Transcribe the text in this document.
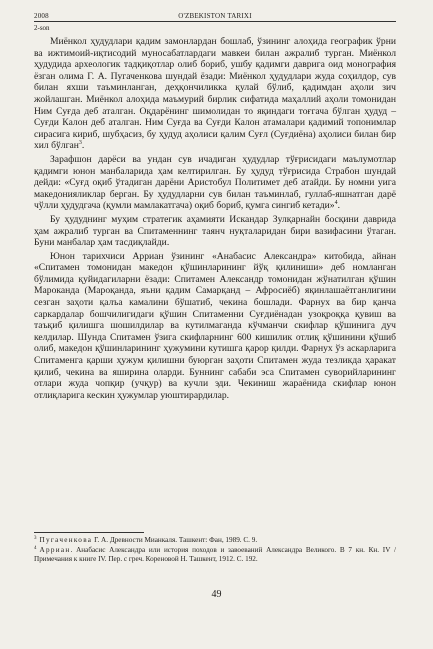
2008	O'ZBEKISTON TARIXI
2-son

Миёнкол ҳудудлари қадим замонлардан бошлаб, ўзининг алоҳида географик ўрни ва ижтимоий-иқтисодий муносабатлардаги мавкеи билан ажралиб турган. Миёнкол ҳудудида археологик тадқиқотлар олиб бориб, ушбу қадимги даврига оид монография ёзган олима Г. А. Пугаченкова шундай ёзади: Миёнкол ҳудудлари жуда соҳилдор, сув билан яхши таъминланган, деҳқончиликка қулай бўлиб, қадимдан аҳоли зич жойлашган. Миёнкол алоҳида маъмурий бирлик сифатида маҳаллий аҳоли томонидан Ним Суғда деб аталган. Оқдарёнинг шимолидан то яқиндаги тоғгача бўлган ҳудуд – Суғди Калон деб аталган. Ним Суғда ва Суғди Калон атамалари қадимий топонимлар сирасига кириб, шубҳасиз, бу ҳудуд аҳолиси қалим Суғл (Суғдиёна) аҳолиси билан бир хил бўлган$^3$.

Зарафшон дарёси ва ундан сув ичадиган ҳудудлар тўғрисидаги маълумотлар қадимги юнон манбаларида ҳам келтирилган. Бу ҳудуд тўғрисида Страбон шундай дейди: «Суғд оқиб ўтадиган дарёни Аристобул Политимет деб атайди. Бу номни уига македонияликлар берган. Бу ҳудудларни сув билан таъминлаб, гуллаб-яшнатган дарё чўлли ҳудудгача (қумли мамлакатгача) оқиб бориб, қумга сингиб кетади»$^4$.

Бу ҳудуднинг муҳим стратегик аҳамияти Искандар Зулқарнайн босқини даврида ҳам ажралиб турган ва Спитаменнинг таянч нуқталаридан бири вазифасини ўтаган. Буни манбалар ҳам тасдиқлайди.

Юнон тарихчиси Арриан ўзининг «Анабасис Александра» китобида, айнан «Спитамен томонидан македон қўшинларининг йўқ қилиниши» деб номланган бўлимида қуйидагиларни ёзади: Спитамен Александр томонидан жўнатилган қўшин Мароканда (Мароқанда, яъни қадим Самарқанд – Афросиёб) яқинлашаётганлигини сезган заҳоти қалъа камалини бўшатиб, чекина бошлади. Фарнух ва бир қанча саркардалар бошчилигидаги қўшин Спитаменни Суғдиёнадан узоқроққа қувиш ва таъқиб қилишга шошилдилар ва кутилмаганда кўчманчи скифлар қўшинига дуч келдилар. Шунда Спитамен ўзига скифларнинг 600 кишилик отлиқ қўшинини қўшиб олиб, македон қўшинларининг ҳужумини кутишга қарор қилди. Фарнух ўз аскарларига Спитаменга қарши ҳужум қилишни буюрган заҳоти Спитамен жуда тезликда ҳаракат қилиб, чекина ва яширина оларди. Буннинг сабаби эса Спитамен суворийларининг отлари жуда чопқир (учқур) ва кучли эди. Чекиниш жараёнида скифлар юнон отлиқларига кескин ҳужумлар уюштирардилар.

$^3$ Пугаченкова Г. А. Древности Мианкаля. Ташкент: Фан, 1989. С. 9.

$^4$ Арриан. Анабасис Александра или история походов и завоеваний Александра Великого. В 7 кн. Кн. IV / Примечания к книге IV. Пер. с греч. Кореновой Н. Ташкент, 1912. С. 192.

49
